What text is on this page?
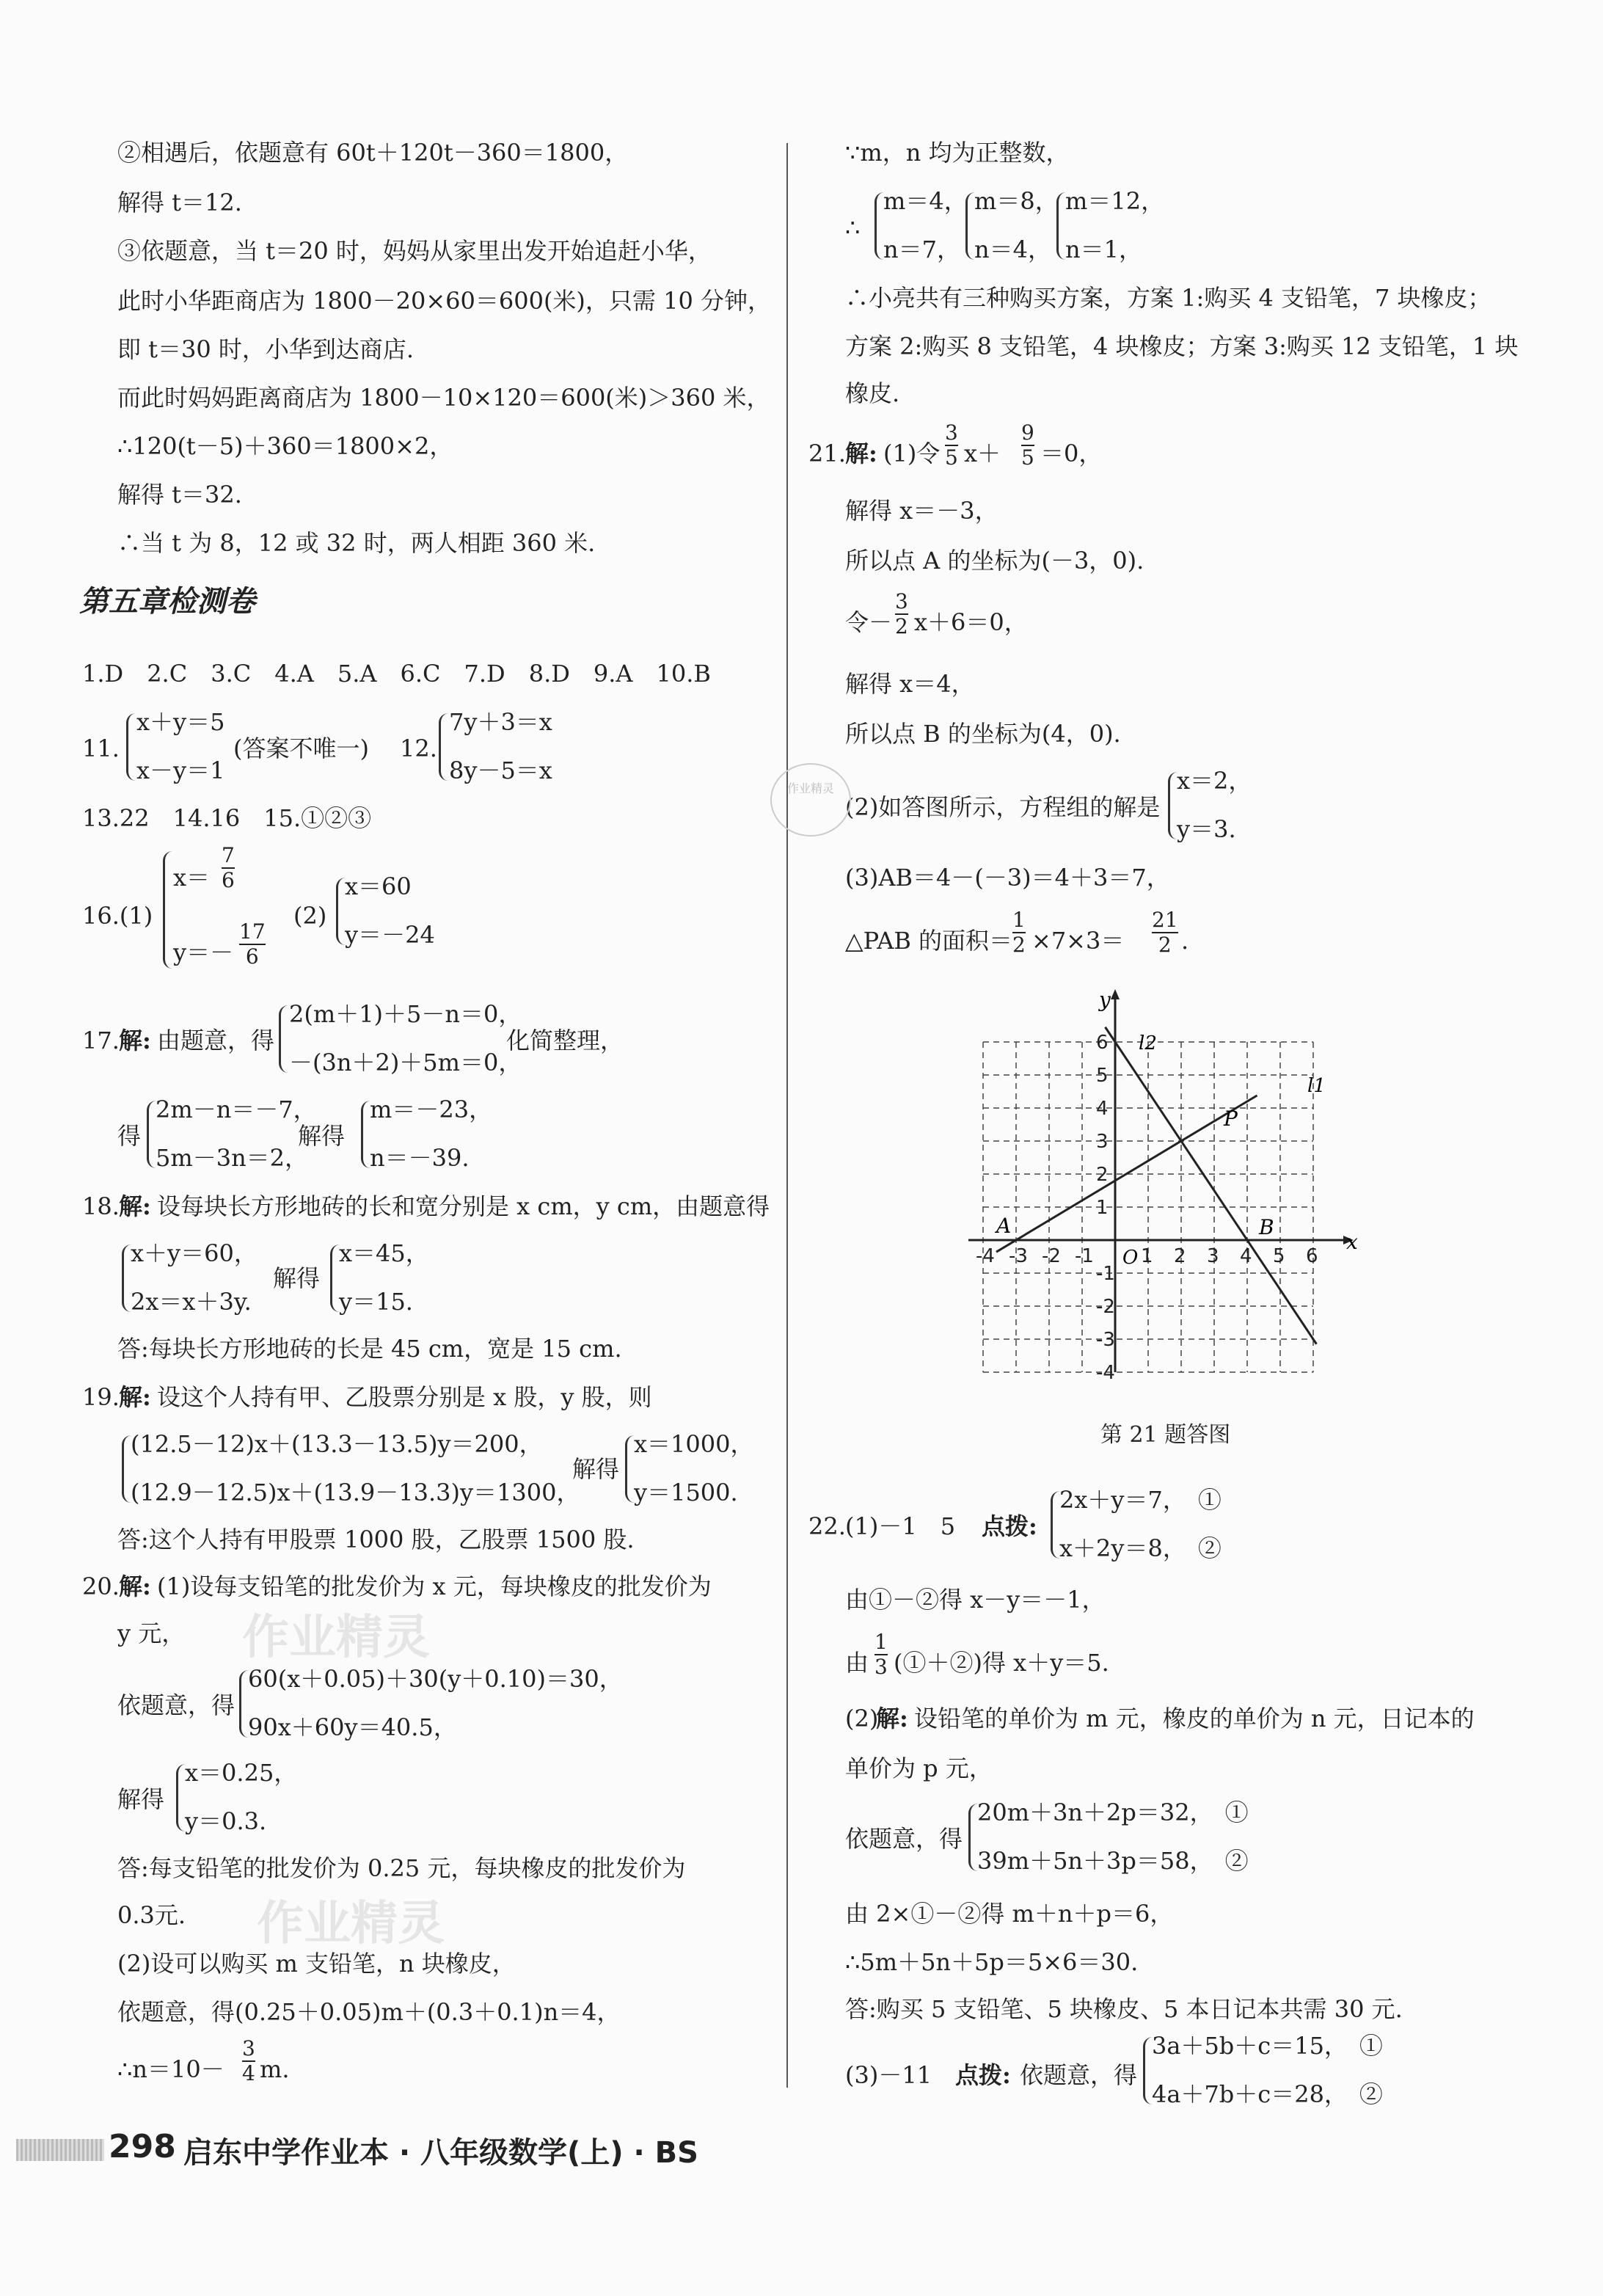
②相遇后，依题意有 60t＋120t－360＝1800，
解得 t＝12.
③依题意，当 t＝20 时，妈妈从家里出发开始追赶小华，
此时小华距商店为 1800－20×60＝600(米)，只需 10 分钟，
即 t＝30 时，小华到达商店.
而此时妈妈距离商店为 1800－10×120＝600(米)＞360 米，
∴120(t－5)＋360＝1800×2，
解得 t＝32.
∴当 t 为 8，12 或 32 时，两人相距 360 米.
第五章检测卷
1.D　2.C　3.C　4.A　5.A　6.C　7.D　8.D　9.A　10.B
11.
x＋y＝5
x－y＝1
(答案不唯一) 12.
7y＋3＝x
8y－5＝x
13.22　14.16　15.①②③
16.(1)
x＝
7
6
y＝－
17
6
(2)
x＝60
y＝－24
17. 解: 由题意，得
2(m＋1)＋5－n＝0，
－(3n＋2)＋5m＝0，
化简整理，
得
2m－n＝－7，
5m－3n＝2，
解得
m＝－23，
n＝－39.
18. 解: 设每块长方形地砖的长和宽分别是 x cm，y cm，由题意得
x＋y＝60，
2x＝x＋3y.
解得
x＝45，
y＝15.
答:每块长方形地砖的长是 45 cm，宽是 15 cm.
19. 解: 设这个人持有甲、乙股票分别是 x 股，y 股，则
(12.5－12)x＋(13.3－13.5)y＝200，
(12.9－12.5)x＋(13.9－13.3)y＝1300，
解得
x＝1000，
y＝1500.
答:这个人持有甲股票 1000 股，乙股票 1500 股.
20. 解: (1)设每支铅笔的批发价为 x 元，每块橡皮的批发价为
y 元，
依题意，得
60(x＋0.05)＋30(y＋0.10)＝30，
90x＋60y＝40.5，
解得
x＝0.25，
y＝0.3.
答:每支铅笔的批发价为 0.25 元，每块橡皮的批发价为
0.3元.
(2)设可以购买 m 支铅笔，n 块橡皮，
依题意，得(0.25＋0.05)m＋(0.3＋0.1)n＝4，
∴n＝10－
3
4 m.
∵m，n 均为正整数，
∴
m＝4，
n＝7，
m＝8，
n＝4，
m＝12，
n＝1，
∴小亮共有三种购买方案，方案 1:购买 4 支铅笔，7 块橡皮；
方案 2:购买 8 支铅笔，4 块橡皮；方案 3:购买 12 支铅笔，1 块
橡皮.
21. 解: (1)令
3
5 x＋
9
5 ＝0，
解得 x＝－3，
所以点 A 的坐标为(－3，0).
令－
3
2 x＋6＝0，
解得 x＝4，
所以点 B 的坐标为(4，0).
(2)如答图所示，方程组的解是
x＝2，
y＝3.
(3)AB＝4－(－3)＝4＋3＝7，
△PAB 的面积＝
1
2 ×7×3＝
21
2 .
22. (1)－1　5 点拨:
2x＋y＝7，　①
x＋2y＝8，　②
由①－②得 x－y＝－1，
由
1
3 (①＋②)得 x＋y＝5.
(2)
解: 设铅笔的单价为 m 元，橡皮的单价为 n 元，日记本的
单价为 p 元，
依题意，得
20m＋3n＋2p＝32，　①
39m＋5n＋3p＝58，　②
由 2×①－②得 m＋n＋p＝6，
∴5m＋5n＋5p＝5×6＝30.
答:购买 5 支铅笔、5 块橡皮、5 本日记本共需 30 元.
(3)－11 点拨: 依题意，得
3a＋5b＋c＝15，　①
4a＋7b＋c＝28，　②
-4 -3 -2 -1 1 2 3 4 5 6
6
5
4
3
2
1
-1
-2
-3
-4
y
x
O
A	B
P
l1
l2
第 21 题答图
作业精灵
作业精灵
作业精灵
298 启东中学作业本 · 八年级数学(上) · BS
